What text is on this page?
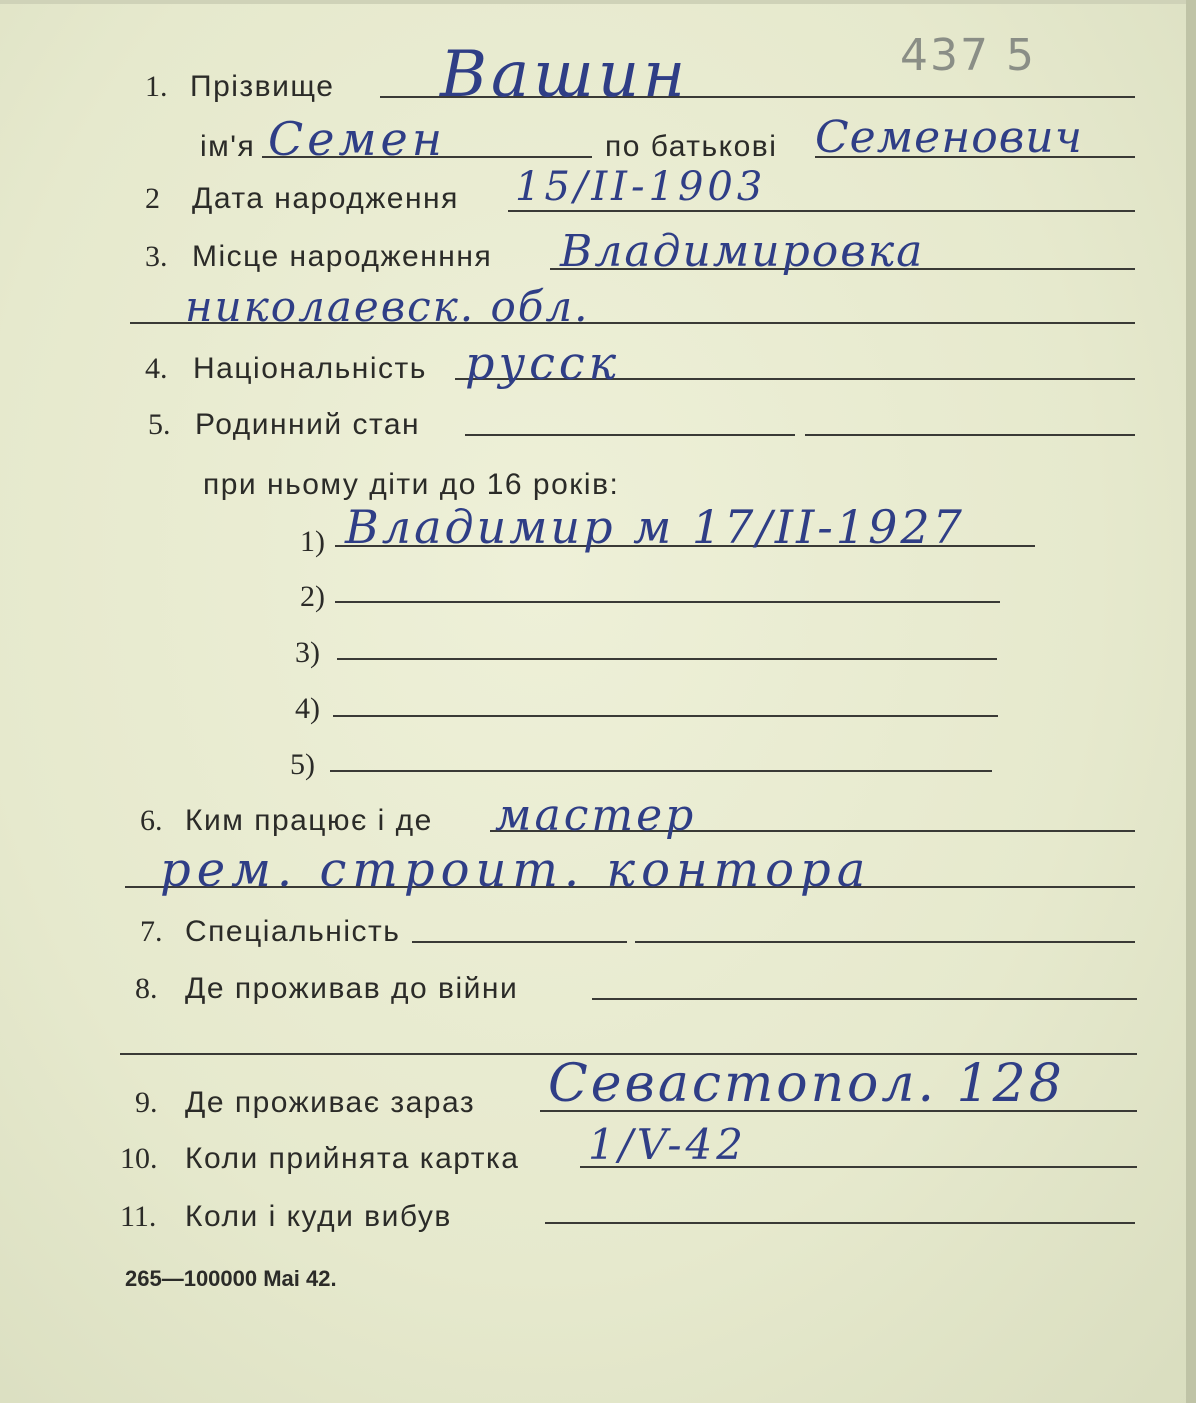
437 5
1. Прізвище Вашин
ім'я Семен	по батькові Семенович
2 Дата народження 15/II-1903
3. Місце народженння Владимировка
николаевск. обл.
4. Національність русск
5. Родинний стан
при ньому діти до 16 років:
1) Владимир м 17/II-1927
2)
3)
4)
5)
6. Ким працює і де мастер
рем. строит. контора
7. Спеціальність
8. Де проживав до війни
9. Де проживає зараз Севастопол. 128
10. Коли прийнята картка 1/V-42
11. Коли і куди вибув
265—100000 Mai 42.
